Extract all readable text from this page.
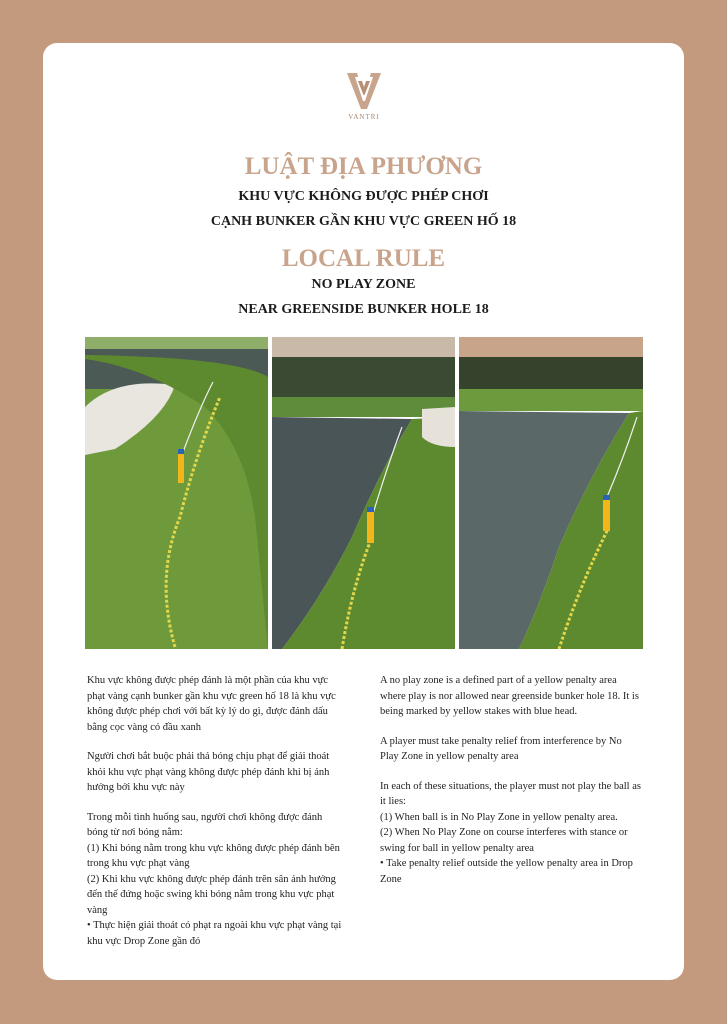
VANTRI
LUẬT ĐỊA PHƯƠNG
KHU VỰC KHÔNG ĐƯỢC PHÉP CHƠI
CẠNH BUNKER GẦN KHU VỰC GREEN HỐ 18
LOCAL RULE
NO PLAY ZONE
NEAR GREENSIDE BUNKER HOLE 18

Khu vực không được phép đánh là một phần của khu vực phạt vàng cạnh bunker gần khu vực green hố 18 là khu vực không được phép chơi với bất kỳ lý do gì, được đánh dấu bằng cọc vàng có đầu xanh

Người chơi bắt buộc phải thả bóng chịu phạt để giải thoát khỏi khu vực phạt vàng không được phép đánh khi bị ảnh hưởng bởi khu vực này

Trong mỗi tình huống sau, người chơi không được đánh bóng từ nơi bóng nằm:
(1) Khi bóng nằm trong khu vực không được phép đánh bên trong khu vực phạt vàng
(2) Khi khu vực không được phép đánh trên sân ảnh hưởng đến thế đứng hoặc swing khi bóng nằm trong khu vực phạt vàng
• Thực hiện giải thoát có phạt ra ngoài khu vực phạt vàng tại khu vực Drop Zone gần đó

A no play zone is a defined part of a yellow penalty area where play is nor allowed near greenside bunker hole 18. It is being marked by yellow stakes with blue head.

A player must take penalty relief from interference by No Play Zone in yellow penalty area

In each of these situations, the player must not play the ball as it lies:
(1) When ball is in No Play Zone in yellow penalty area.
(2) When No Play Zone on course interferes with stance or swing for ball in yellow penalty area
• Take penalty relief outside the yellow penalty area in Drop Zone
